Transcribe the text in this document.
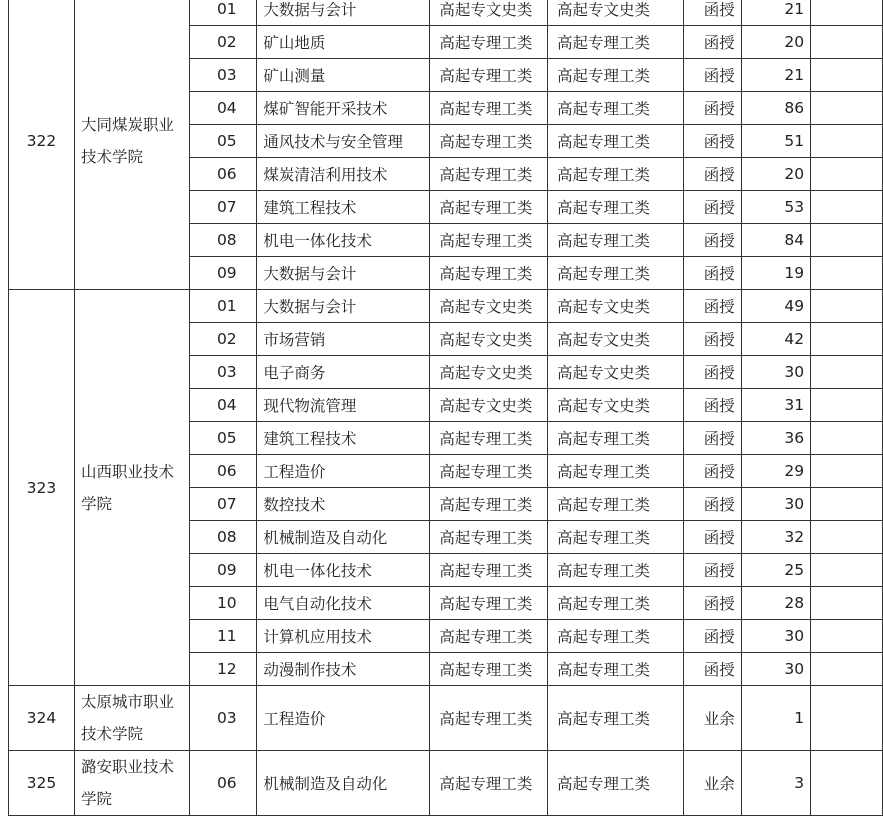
322	大同煤炭职业技术学院	01	大数据与会计	高起专文史类	高起专文史类	函授	21	
		02	矿山地质	高起专理工类	高起专理工类	函授	20	
		03	矿山测量	高起专理工类	高起专理工类	函授	21	
		04	煤矿智能开采技术	高起专理工类	高起专理工类	函授	86	
		05	通风技术与安全管理	高起专理工类	高起专理工类	函授	51	
		06	煤炭清洁利用技术	高起专理工类	高起专理工类	函授	20	
		07	建筑工程技术	高起专理工类	高起专理工类	函授	53	
		08	机电一体化技术	高起专理工类	高起专理工类	函授	84	
		09	大数据与会计	高起专理工类	高起专理工类	函授	19	
323	山西职业技术学院	01	大数据与会计	高起专文史类	高起专文史类	函授	49	
		02	市场营销	高起专文史类	高起专文史类	函授	42	
		03	电子商务	高起专文史类	高起专文史类	函授	30	
		04	现代物流管理	高起专文史类	高起专文史类	函授	31	
		05	建筑工程技术	高起专理工类	高起专理工类	函授	36	
		06	工程造价	高起专理工类	高起专理工类	函授	29	
		07	数控技术	高起专理工类	高起专理工类	函授	30	
		08	机械制造及自动化	高起专理工类	高起专理工类	函授	32	
		09	机电一体化技术	高起专理工类	高起专理工类	函授	25	
		10	电气自动化技术	高起专理工类	高起专理工类	函授	28	
		11	计算机应用技术	高起专理工类	高起专理工类	函授	30	
		12	动漫制作技术	高起专理工类	高起专理工类	函授	30	
324	太原城市职业技术学院	03	工程造价	高起专理工类	高起专理工类	业余	1	
325	潞安职业技术学院	06	机械制造及自动化	高起专理工类	高起专理工类	业余	3	
